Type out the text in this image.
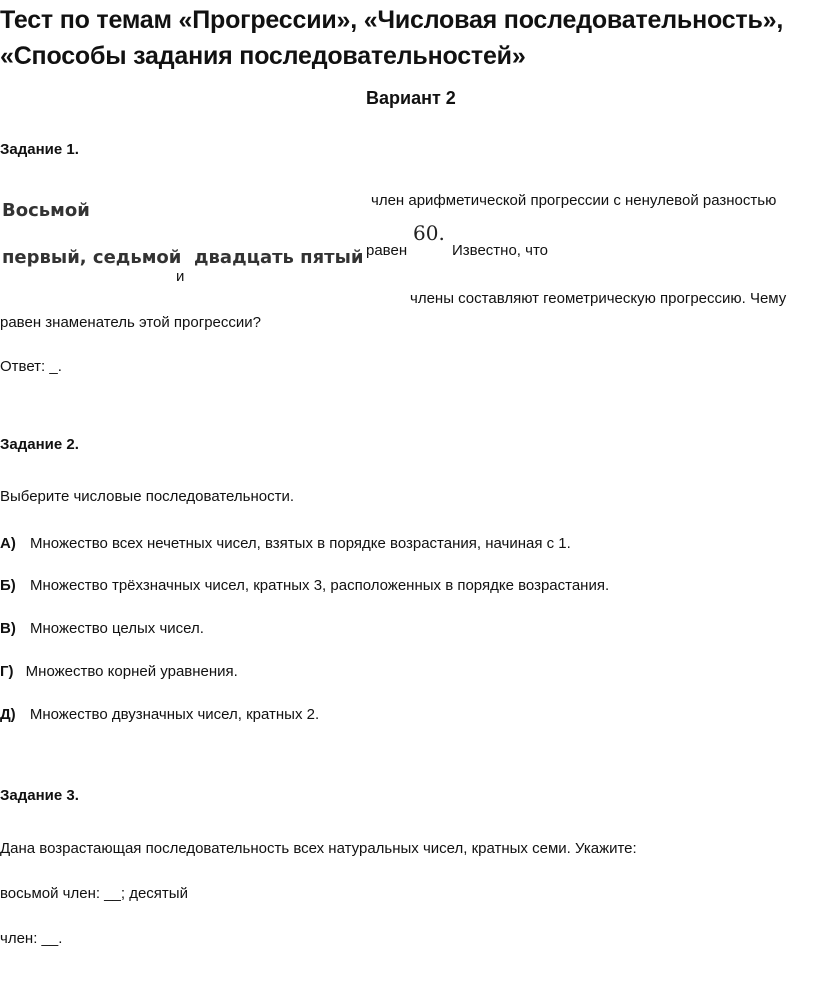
Тест по темам «Прогрессии», «Числовая последовательность»,
«Способы задания последовательностей»
Вариант 2
Задание 1.
Восьмой
первый, седьмой
и
двадцать пятый
член арифметической прогрессии с ненулевой разностью
равен
60.
Известно, что
члены составляют геометрическую прогрессию. Чему
равен знаменатель этой прогрессии?
Ответ: _.
Задание 2.
Выберите числовые последовательности.
А) Множество всех нечетных чисел, взятых в порядке возрастания, начиная с 1.
Б) Множество трёхзначных чисел, кратных 3, расположенных в порядке возрастания.
В) Множество целых чисел.
Г) Множество корней уравнения.
Д) Множество двузначных чисел, кратных 2.
Задание 3.
Дана возрастающая последовательность всех натуральных чисел, кратных семи. Укажите:
восьмой член: __; десятый
член: __.
